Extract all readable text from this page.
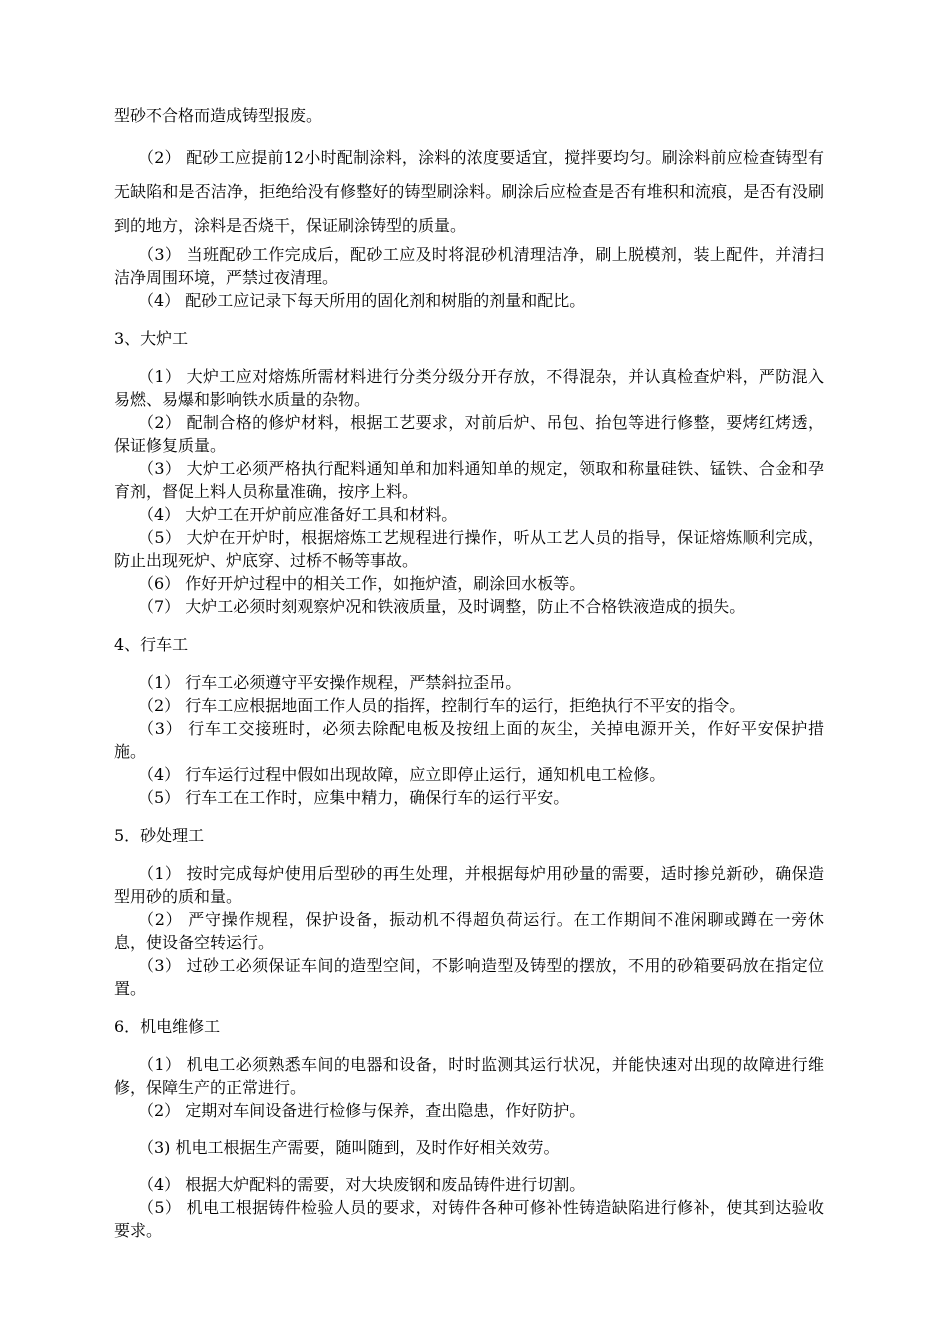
型砂不合格而造成铸型报废。

（2） 配砂工应提前12小时配制涂料，涂料的浓度要适宜，搅拌要均匀。刷涂料前应检查铸型有无缺陷和是否洁净，拒绝给没有修整好的铸型刷涂料。刷涂后应检查是否有堆积和流痕，是否有没刷到的地方，涂料是否烧干，保证刷涂铸型的质量。

（3） 当班配砂工作完成后，配砂工应及时将混砂机清理洁净，刷上脱模剂，装上配件，并清扫洁净周围环境，严禁过夜清理。

（4） 配砂工应记录下每天所用的固化剂和树脂的剂量和配比。

3、大炉工

（1） 大炉工应对熔炼所需材料进行分类分级分开存放，不得混杂，并认真检查炉料，严防混入易燃、易爆和影响铁水质量的杂物。

（2） 配制合格的修炉材料，根据工艺要求，对前后炉、吊包、抬包等进行修整，要烤红烤透，保证修复质量。

（3） 大炉工必须严格执行配料通知单和加料通知单的规定，领取和称量硅铁、锰铁、合金和孕育剂，督促上料人员称量准确，按序上料。

（4） 大炉工在开炉前应准备好工具和材料。

（5） 大炉在开炉时，根据熔炼工艺规程进行操作，听从工艺人员的指导，保证熔炼顺利完成，防止出现死炉、炉底穿、过桥不畅等事故。

（6） 作好开炉过程中的相关工作，如拖炉渣，刷涂回水板等。

（7） 大炉工必须时刻观察炉况和铁液质量，及时调整，防止不合格铁液造成的损失。

4、行车工

（1） 行车工必须遵守平安操作规程，严禁斜拉歪吊。

（2） 行车工应根据地面工作人员的指挥，控制行车的运行，拒绝执行不平安的指令。

（3） 行车工交接班时，必须去除配电板及按纽上面的灰尘，关掉电源开关，作好平安保护措施。

（4） 行车运行过程中假如出现故障，应立即停止运行，通知机电工检修。

（5） 行车工在工作时，应集中精力，确保行车的运行平安。

5．砂处理工

（1） 按时完成每炉使用后型砂的再生处理，并根据每炉用砂量的需要，适时掺兑新砂，确保造型用砂的质和量。

（2） 严守操作规程，保护设备，振动机不得超负荷运行。在工作期间不准闲聊或蹲在一旁休息，使设备空转运行。

（3） 过砂工必须保证车间的造型空间，不影响造型及铸型的摆放，不用的砂箱要码放在指定位置。

6．机电维修工

（1） 机电工必须熟悉车间的电器和设备，时时监测其运行状况，并能快速对出现的故障进行维修，保障生产的正常进行。

（2） 定期对车间设备进行检修与保养，查出隐患，作好防护。

（3) 机电工根据生产需要，随叫随到，及时作好相关效劳。

（4） 根据大炉配料的需要，对大块废钢和废品铸件进行切割。

（5） 机电工根据铸件检验人员的要求，对铸件各种可修补性铸造缺陷进行修补，使其到达验收要求。
